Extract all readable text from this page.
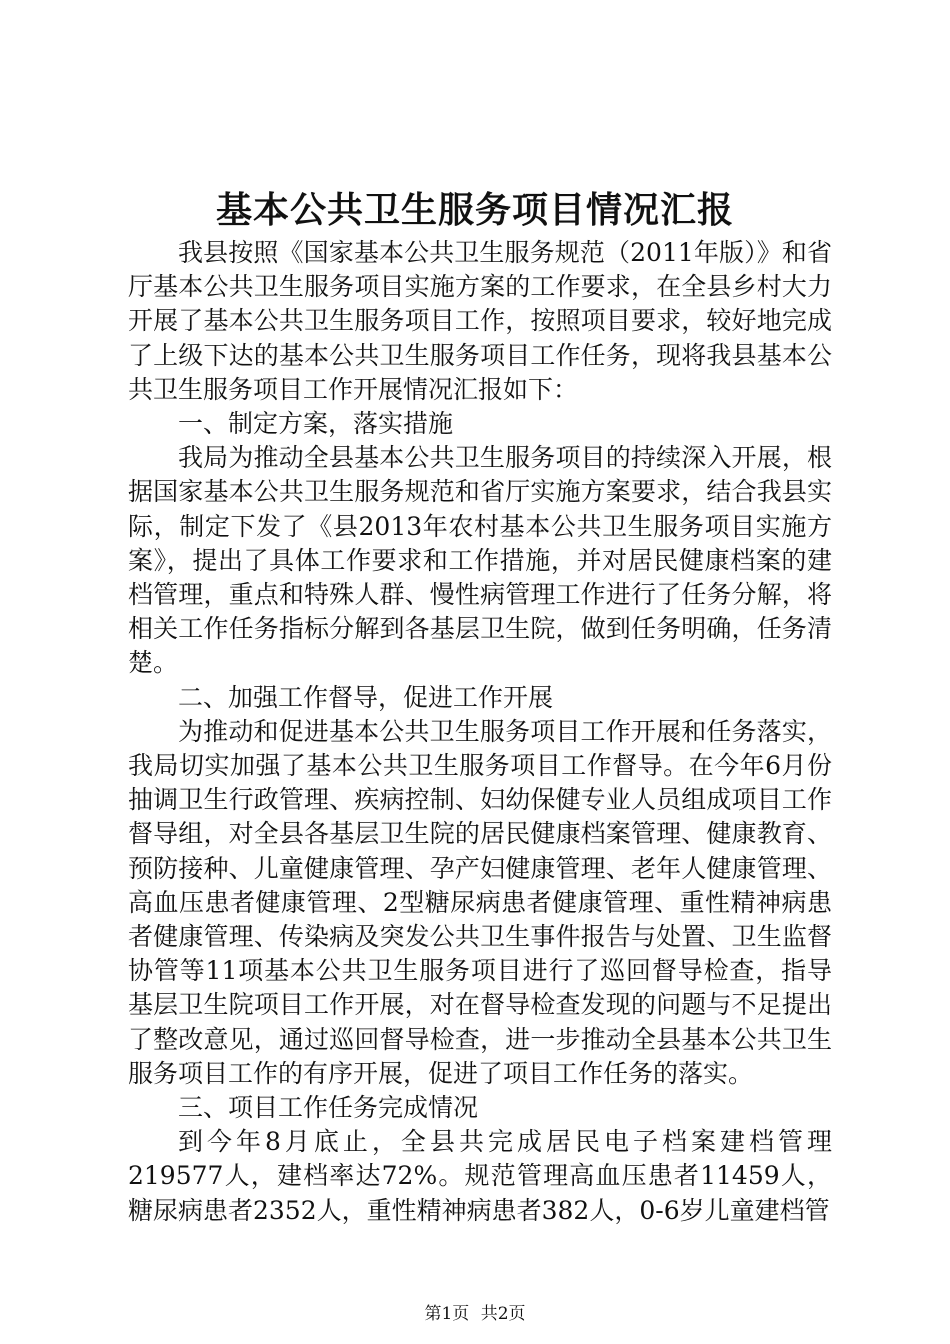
基本公共卫生服务项目情况汇报

我县按照《国家基本公共卫生服务规范（2011年版）》和省厅基本公共卫生服务项目实施方案的工作要求，在全县乡村大力开展了基本公共卫生服务项目工作，按照项目要求，较好地完成了上级下达的基本公共卫生服务项目工作任务，现将我县基本公共卫生服务项目工作开展情况汇报如下：

一、制定方案，落实措施

我局为推动全县基本公共卫生服务项目的持续深入开展，根据国家基本公共卫生服务规范和省厅实施方案要求，结合我县实际，制定下发了《县2013年农村基本公共卫生服务项目实施方案》，提出了具体工作要求和工作措施，并对居民健康档案的建档管理，重点和特殊人群、慢性病管理工作进行了任务分解，将相关工作任务指标分解到各基层卫生院，做到任务明确，任务清楚。

二、加强工作督导，促进工作开展

为推动和促进基本公共卫生服务项目工作开展和任务落实，我局切实加强了基本公共卫生服务项目工作督导。在今年6月份抽调卫生行政管理、疾病控制、妇幼保健专业人员组成项目工作督导组，对全县各基层卫生院的居民健康档案管理、健康教育、预防接种、儿童健康管理、孕产妇健康管理、老年人健康管理、高血压患者健康管理、2型糖尿病患者健康管理、重性精神病患者健康管理、传染病及突发公共卫生事件报告与处置、卫生监督协管等11项基本公共卫生服务项目进行了巡回督导检查，指导基层卫生院项目工作开展，对在督导检查发现的问题与不足提出了整改意见，通过巡回督导检查，进一步推动全县基本公共卫生服务项目工作的有序开展，促进了项目工作任务的落实。

三、项目工作任务完成情况

到今年8月底止，全县共完成居民电子档案建档管理219577人，建档率达72%。规范管理高血压患者11459人，糖尿病患者2352人，重性精神病患者382人，0-6岁儿童建档管

第1页 共2页
